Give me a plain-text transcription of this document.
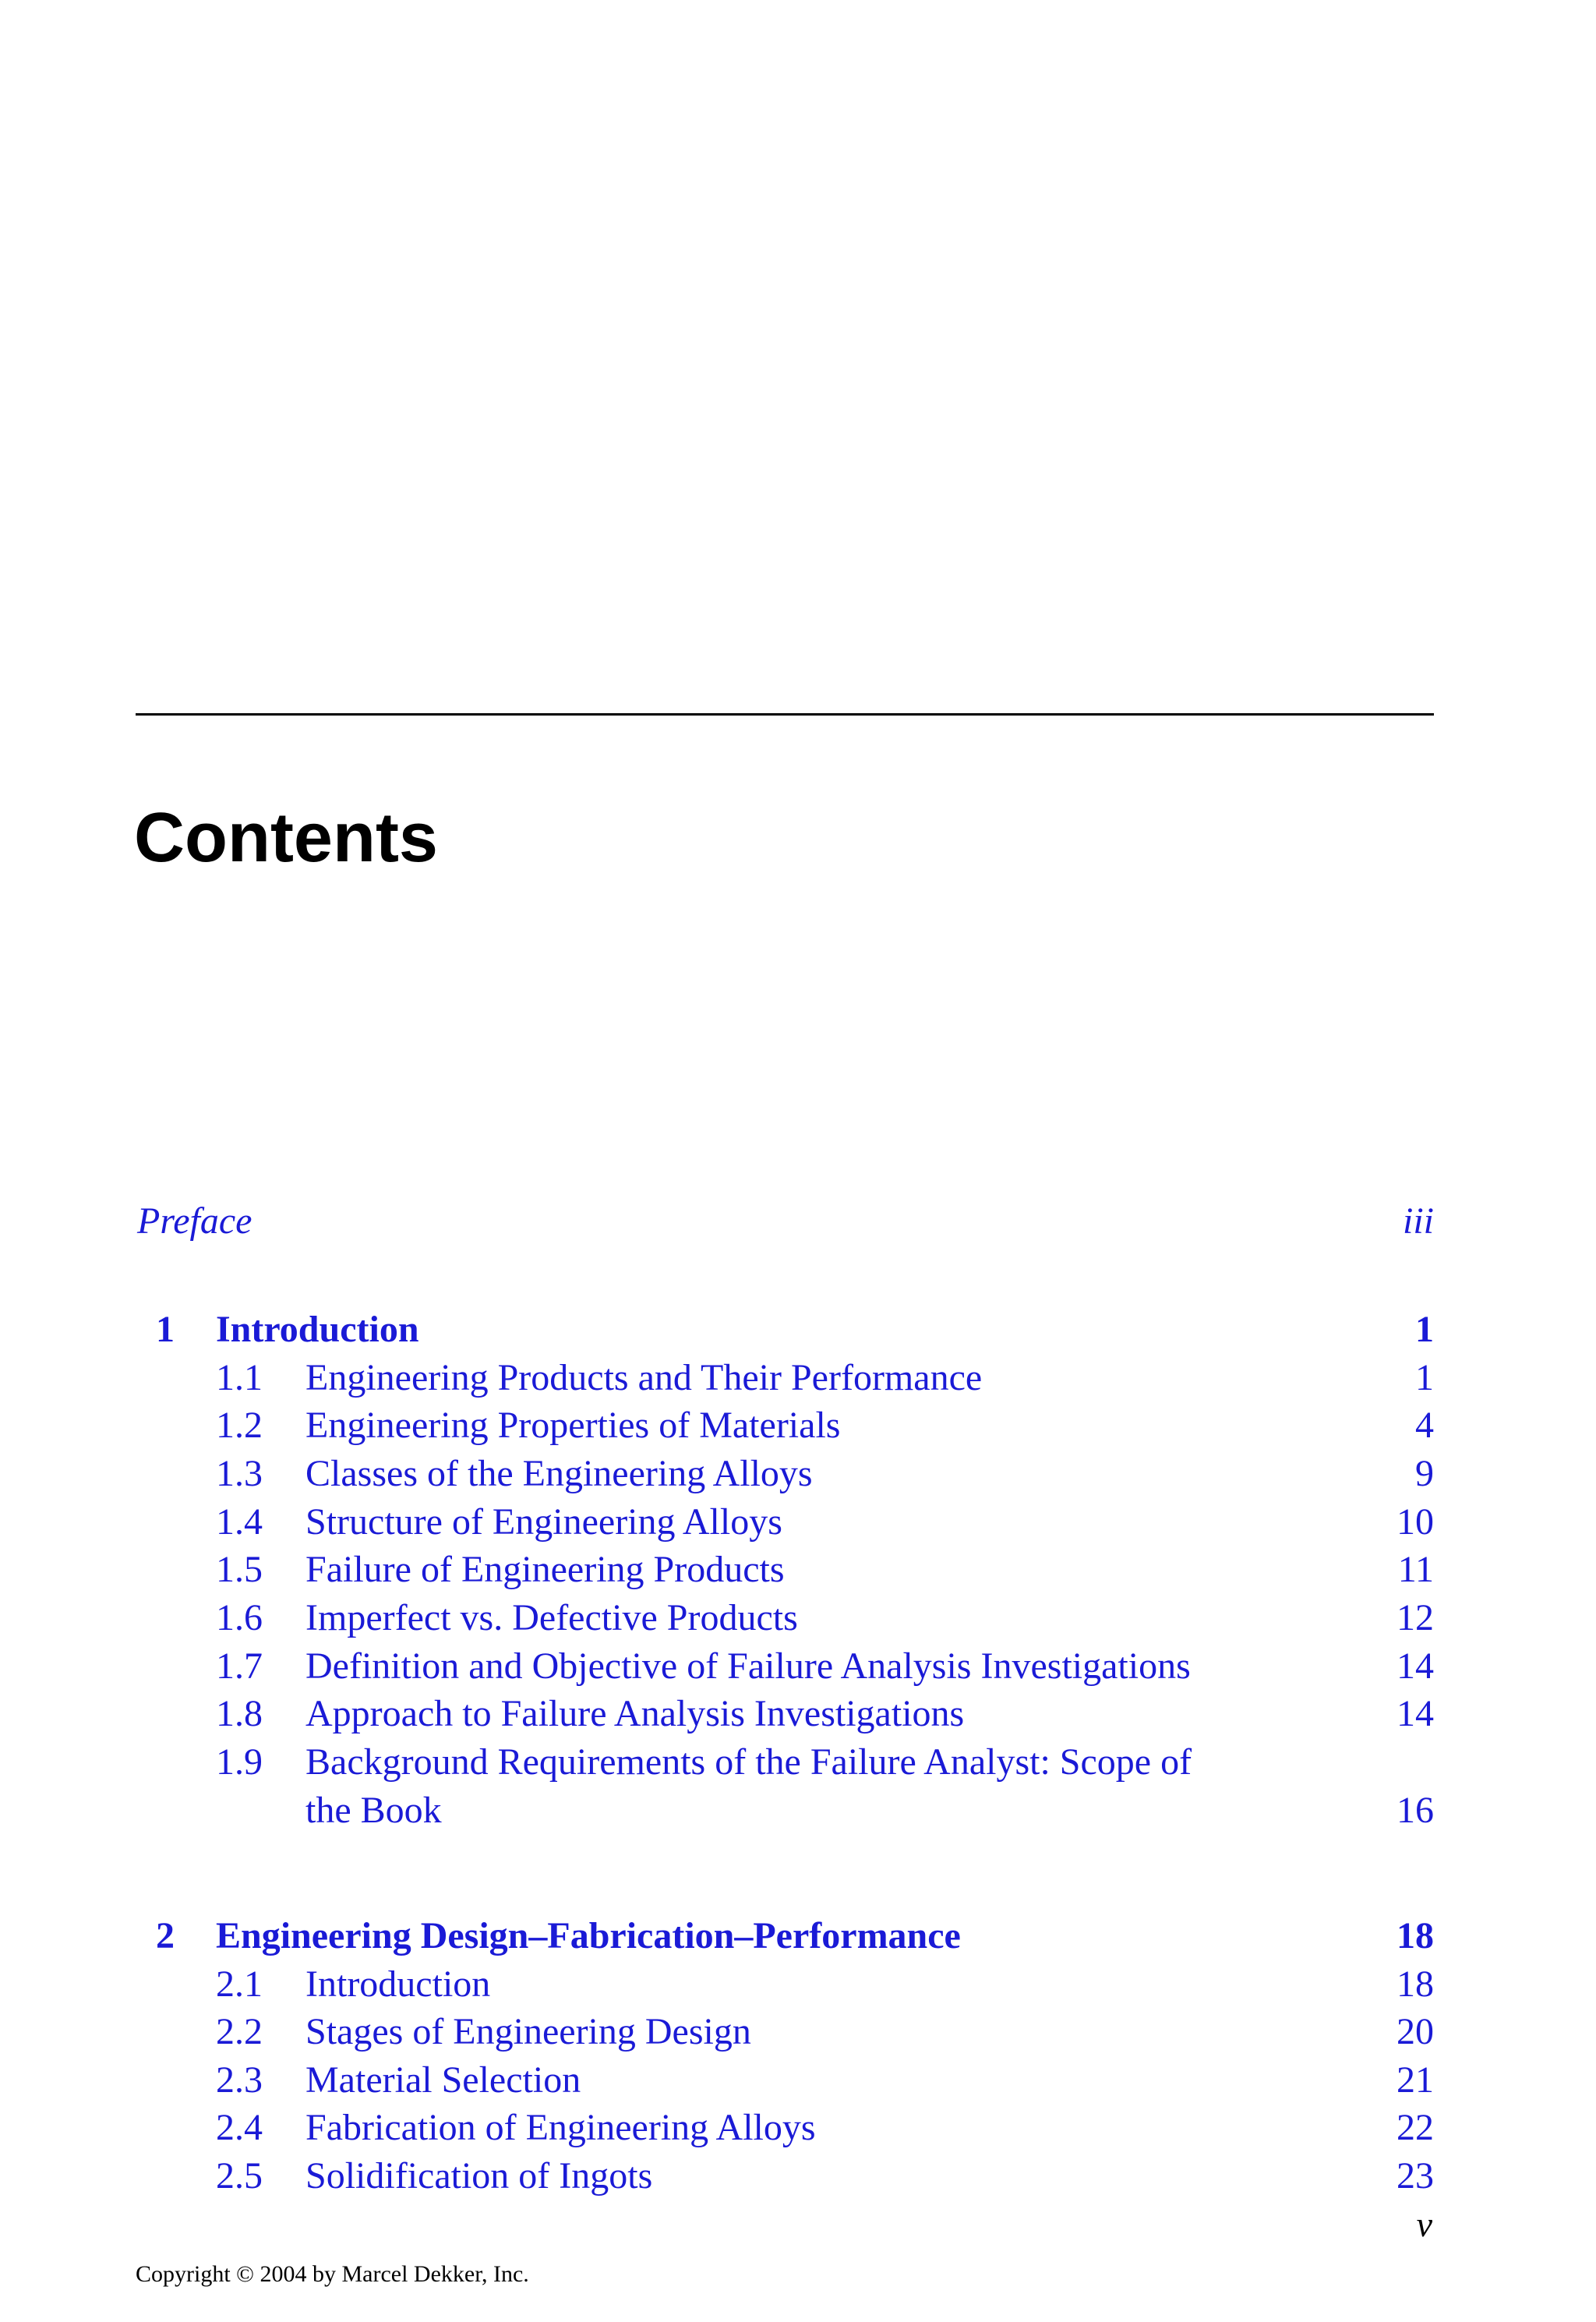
Contents
Preface	iii
1 Introduction	1
1.1 Engineering Products and Their Performance	1
1.2 Engineering Properties of Materials	4
1.3 Classes of the Engineering Alloys	9
1.4 Structure of Engineering Alloys	10
1.5 Failure of Engineering Products	11
1.6 Imperfect vs. Defective Products	12
1.7 Definition and Objective of Failure Analysis Investigations	14
1.8 Approach to Failure Analysis Investigations	14
1.9 Background Requirements of the Failure Analyst: Scope of
the Book	16
2 Engineering Design–Fabrication–Performance	18
2.1 Introduction	18
2.2 Stages of Engineering Design	20
2.3 Material Selection	21
2.4 Fabrication of Engineering Alloys	22
2.5 Solidification of Ingots	23
v
Copyright © 2004 by Marcel Dekker, Inc.
